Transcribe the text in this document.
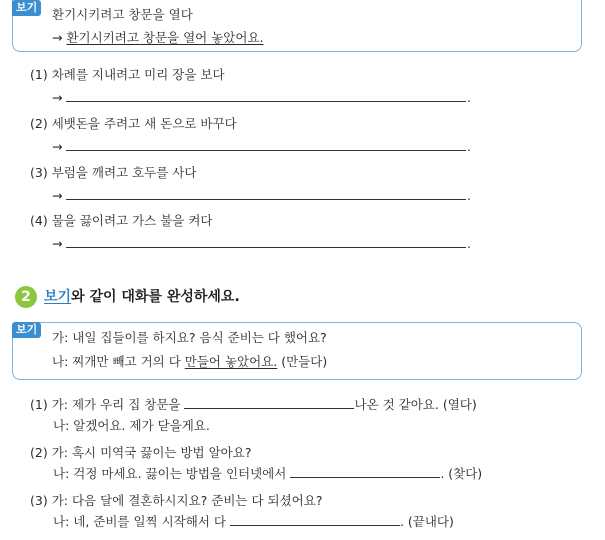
보기	환기시키려고 창문을 열다
→ 환기시키려고 창문을 열어 놓았어요.
(1) 차례를 지내려고 미리 장을 보다
→	.
(2) 세뱃돈을 주려고 새 돈으로 바꾸다
→	.
(3) 부럼을 깨려고 호두를 사다
→	.
(4) 물을 끓이려고 가스 불을 켜다
→	.
2 보기와 같이 대화를 완성하세요.
보기
가: 내일 집들이를 하지요? 음식 준비는 다 했어요?
나: 찌개만 빼고 거의 다 만들어 놓았어요. (만들다)
(1) 가: 제가 우리 집 창문을	나온 것 같아요. (열다)
나: 알겠어요. 제가 닫을게요.
(2) 가: 혹시 미역국 끓이는 방법 알아요?
나: 걱정 마세요. 끓이는 방법을 인터넷에서	. (찾다)
(3) 가: 다음 달에 결혼하시지요? 준비는 다 되셨어요?
나: 네, 준비를 일찍 시작해서 다	. (끝내다)
